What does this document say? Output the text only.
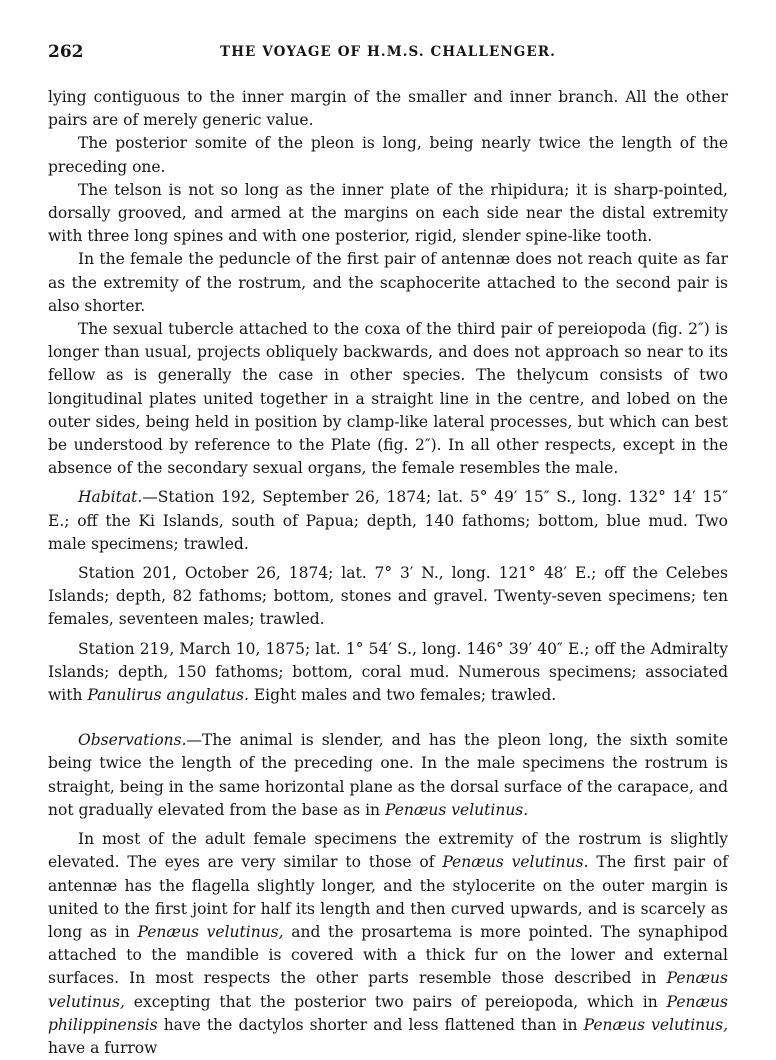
262	THE VOYAGE OF H.M.S. CHALLENGER.

lying contiguous to the inner margin of the smaller and inner branch. All the other pairs are of merely generic value.

The posterior somite of the pleon is long, being nearly twice the length of the preceding one.

The telson is not so long as the inner plate of the rhipidura; it is sharp-pointed, dorsally grooved, and armed at the margins on each side near the distal extremity with three long spines and with one posterior, rigid, slender spine-like tooth.

In the female the peduncle of the first pair of antennæ does not reach quite as far as the extremity of the rostrum, and the scaphocerite attached to the second pair is also shorter.

The sexual tubercle attached to the coxa of the third pair of pereiopoda (fig. 2″) is longer than usual, projects obliquely backwards, and does not approach so near to its fellow as is generally the case in other species. The thelycum consists of two longitudinal plates united together in a straight line in the centre, and lobed on the outer sides, being held in position by clamp-like lateral processes, but which can best be understood by reference to the Plate (fig. 2″). In all other respects, except in the absence of the secondary sexual organs, the female resembles the male.

Habitat.—Station 192, September 26, 1874; lat. 5° 49′ 15″ S., long. 132° 14′ 15″ E.; off the Ki Islands, south of Papua; depth, 140 fathoms; bottom, blue mud. Two male specimens; trawled.

Station 201, October 26, 1874; lat. 7° 3′ N., long. 121° 48′ E.; off the Celebes Islands; depth, 82 fathoms; bottom, stones and gravel. Twenty-seven specimens; ten females, seventeen males; trawled.

Station 219, March 10, 1875; lat. 1° 54′ S., long. 146° 39′ 40″ E.; off the Admiralty Islands; depth, 150 fathoms; bottom, coral mud. Numerous specimens; associated with Panulirus angulatus. Eight males and two females; trawled.

Observations.—The animal is slender, and has the pleon long, the sixth somite being twice the length of the preceding one. In the male specimens the rostrum is straight, being in the same horizontal plane as the dorsal surface of the carapace, and not gradually elevated from the base as in Penæus velutinus.

In most of the adult female specimens the extremity of the rostrum is slightly elevated. The eyes are very similar to those of Penæus velutinus. The first pair of antennæ has the flagella slightly longer, and the stylocerite on the outer margin is united to the first joint for half its length and then curved upwards, and is scarcely as long as in Penæus velutinus, and the prosartema is more pointed. The synaphipod attached to the mandible is covered with a thick fur on the lower and external surfaces. In most respects the other parts resemble those described in Penæus velutinus, excepting that the posterior two pairs of pereiopoda, which in Penæus philippinensis have the dactylos shorter and less flattened than in Penæus velutinus, have a furrow
